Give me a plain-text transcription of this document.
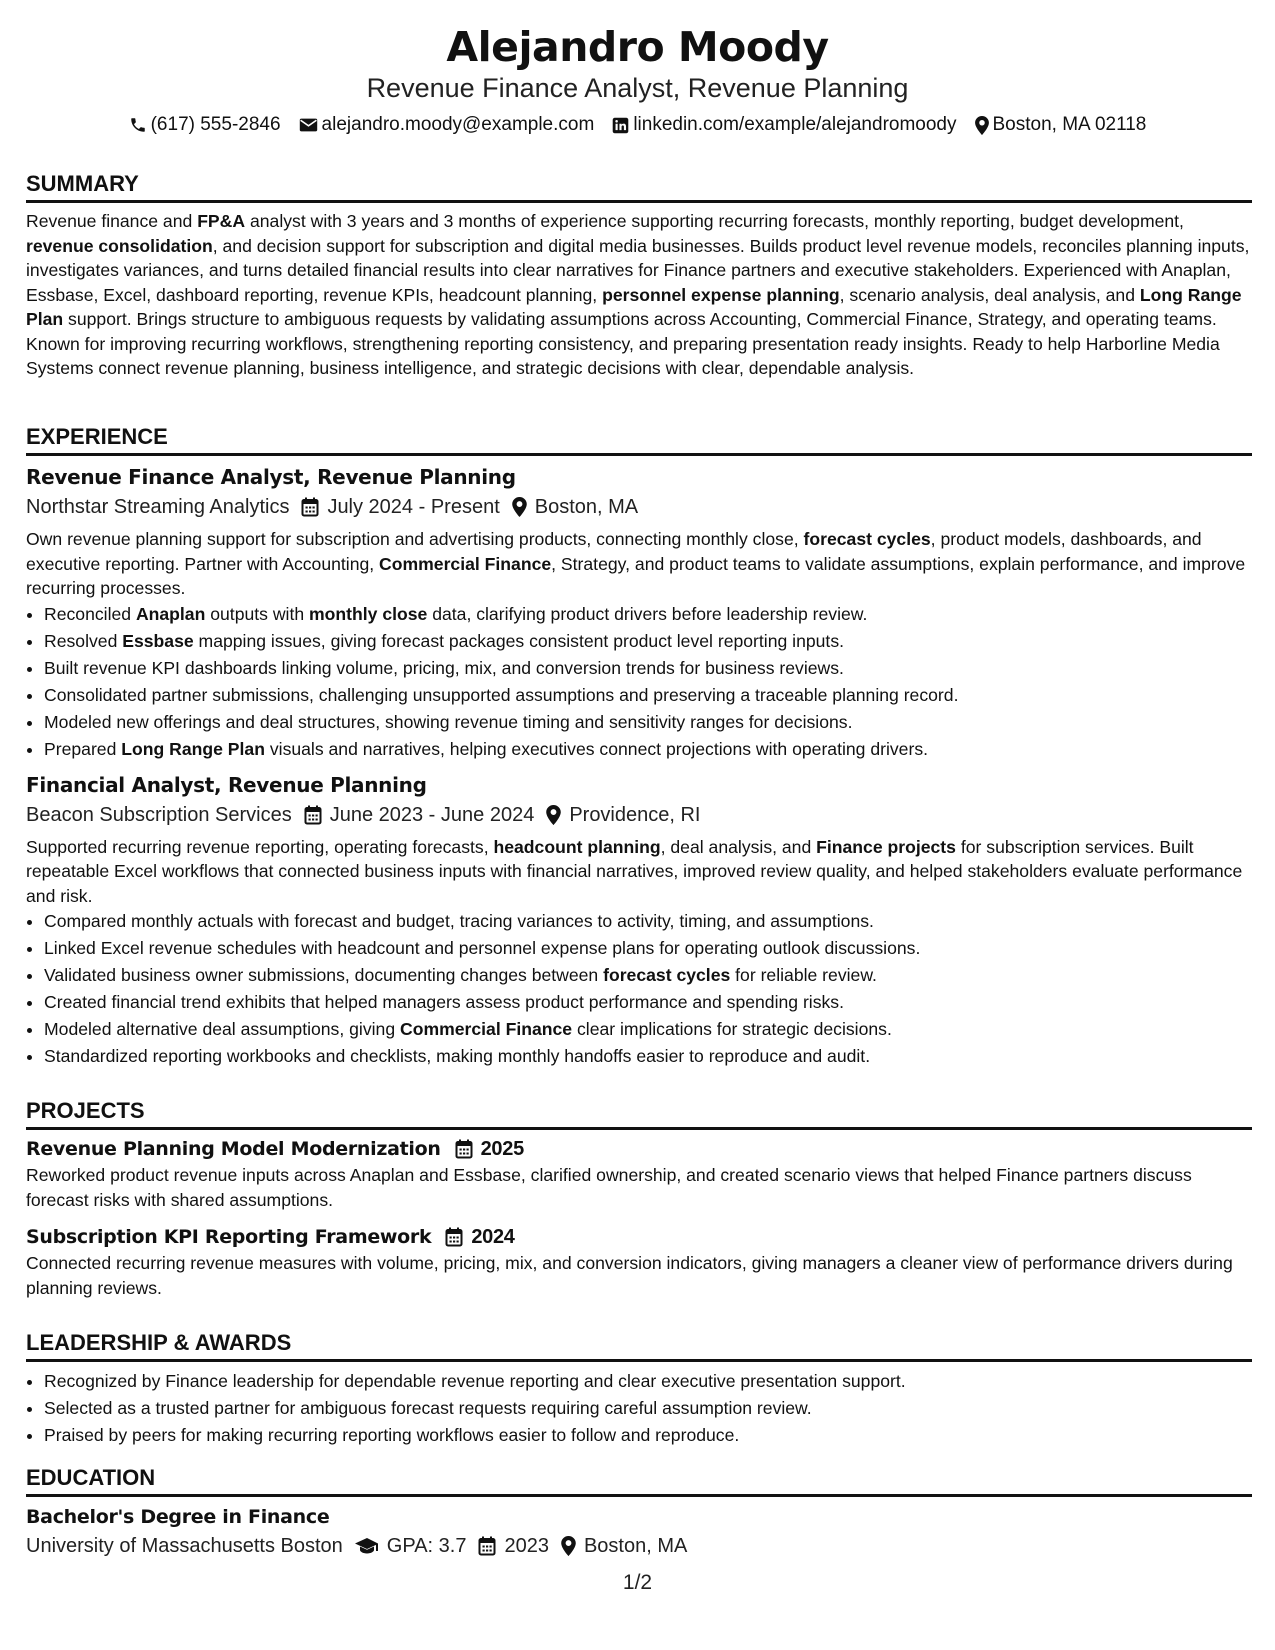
Alejandro Moody
Revenue Finance Analyst, Revenue Planning
(617) 555-2846 alejandro.moody@example.com linkedin.com/example/alejandromoody Boston, MA 02118
SUMMARY
Revenue finance and FP&A analyst with 3 years and 3 months of experience supporting recurring forecasts, monthly reporting, budget development, revenue consolidation, and decision support for subscription and digital media businesses. Builds product level revenue models, reconciles planning inputs, investigates variances, and turns detailed financial results into clear narratives for Finance partners and executive stakeholders. Experienced with Anaplan, Essbase, Excel, dashboard reporting, revenue KPIs, headcount planning, personnel expense planning, scenario analysis, deal analysis, and Long Range Plan support. Brings structure to ambiguous requests by validating assumptions across Accounting, Commercial Finance, Strategy, and operating teams. Known for improving recurring workflows, strengthening reporting consistency, and preparing presentation ready insights. Ready to help Harborline Media Systems connect revenue planning, business intelligence, and strategic decisions with clear, dependable analysis.
EXPERIENCE
Revenue Finance Analyst, Revenue Planning
Northstar Streaming Analytics July 2024 - Present Boston, MA
Own revenue planning support for subscription and advertising products, connecting monthly close, forecast cycles, product models, dashboards, and executive reporting. Partner with Accounting, Commercial Finance, Strategy, and product teams to validate assumptions, explain performance, and improve recurring processes.
• Reconciled Anaplan outputs with monthly close data, clarifying product drivers before leadership review.
• Resolved Essbase mapping issues, giving forecast packages consistent product level reporting inputs.
• Built revenue KPI dashboards linking volume, pricing, mix, and conversion trends for business reviews.
• Consolidated partner submissions, challenging unsupported assumptions and preserving a traceable planning record.
• Modeled new offerings and deal structures, showing revenue timing and sensitivity ranges for decisions.
• Prepared Long Range Plan visuals and narratives, helping executives connect projections with operating drivers.
Financial Analyst, Revenue Planning
Beacon Subscription Services June 2023 - June 2024 Providence, RI
Supported recurring revenue reporting, operating forecasts, headcount planning, deal analysis, and Finance projects for subscription services. Built repeatable Excel workflows that connected business inputs with financial narratives, improved review quality, and helped stakeholders evaluate performance and risk.
• Compared monthly actuals with forecast and budget, tracing variances to activity, timing, and assumptions.
• Linked Excel revenue schedules with headcount and personnel expense plans for operating outlook discussions.
• Validated business owner submissions, documenting changes between forecast cycles for reliable review.
• Created financial trend exhibits that helped managers assess product performance and spending risks.
• Modeled alternative deal assumptions, giving Commercial Finance clear implications for strategic decisions.
• Standardized reporting workbooks and checklists, making monthly handoffs easier to reproduce and audit.
PROJECTS
Revenue Planning Model Modernization 2025
Reworked product revenue inputs across Anaplan and Essbase, clarified ownership, and created scenario views that helped Finance partners discuss forecast risks with shared assumptions.
Subscription KPI Reporting Framework 2024
Connected recurring revenue measures with volume, pricing, mix, and conversion indicators, giving managers a cleaner view of performance drivers during planning reviews.
LEADERSHIP & AWARDS
• Recognized by Finance leadership for dependable revenue reporting and clear executive presentation support.
• Selected as a trusted partner for ambiguous forecast requests requiring careful assumption review.
• Praised by peers for making recurring reporting workflows easier to follow and reproduce.
EDUCATION
Bachelor's Degree in Finance
University of Massachusetts Boston GPA: 3.7 2023 Boston, MA
1/2
